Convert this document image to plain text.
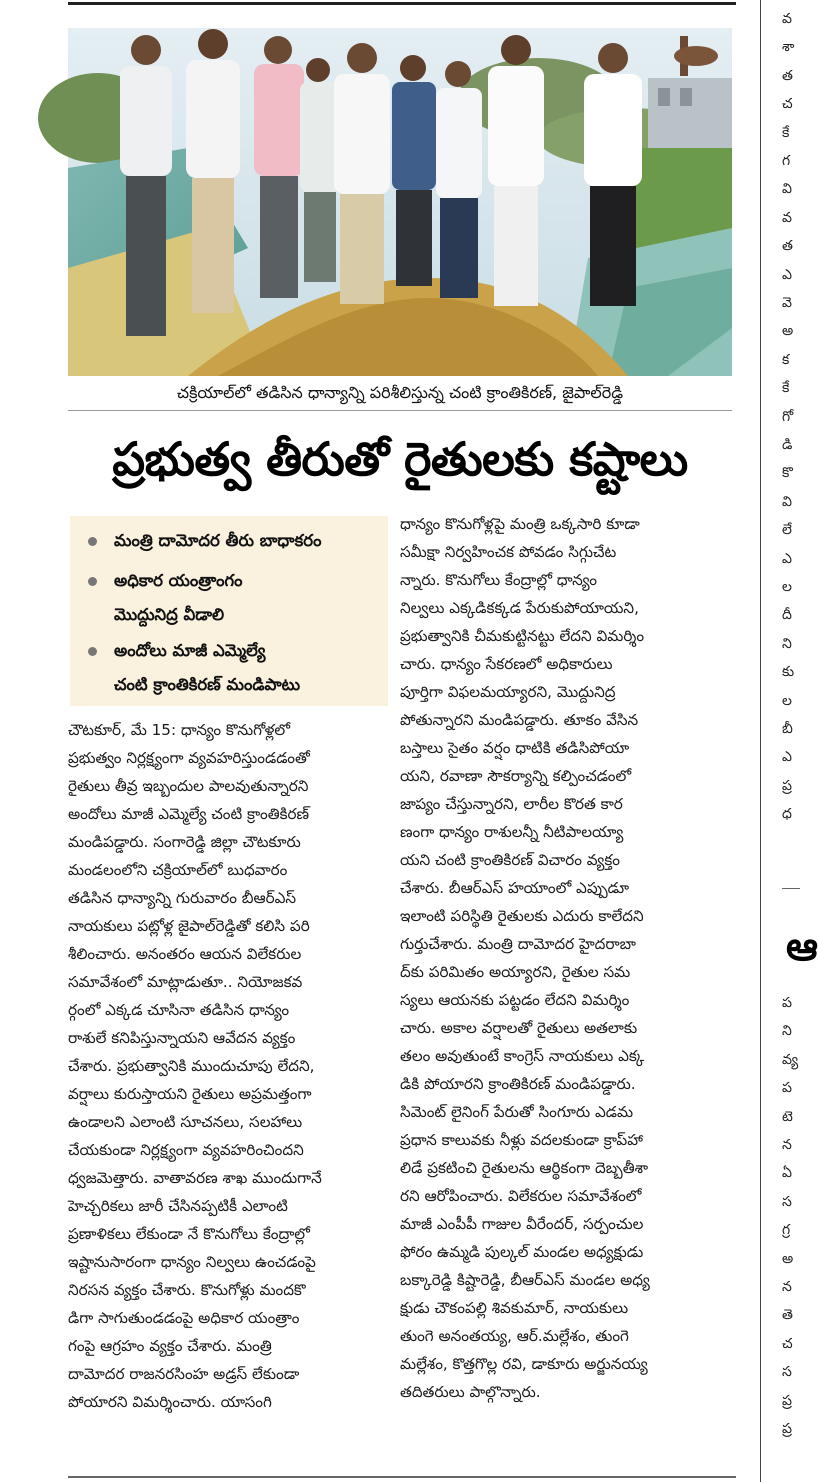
చక్రియాల్‌లో తడిసిన ధాన్యాన్ని పరిశీలిస్తున్న చంటి క్రాంతికిరణ్, జైపాల్‌రెడ్డి
ప్రభుత్వ తీరుతో రైతులకు కష్టాలు
మంత్రి దామోదర తీరు బాధాకరం
అధికార యంత్రాంగం
మొద్దునిద్ర వీడాలి
అందోలు మాజీ ఎమ్మెల్యే
చంటి క్రాంతికిరణ్ మండిపాటు
చౌటకూర్, మే 15: ధాన్యం కొనుగోళ్లలో
ప్రభుత్వం నిర్లక్ష్యంగా వ్యవహరిస్తుండడంతో
రైతులు తీవ్ర ఇబ్బందుల పాలవుతున్నారని
అందోలు మాజీ ఎమ్మెల్యే చంటి క్రాంతికిరణ్
మండిపడ్డారు. సంగారెడ్డి జిల్లా చౌటకూరు
మండలంలోని చక్రియాల్‌లో బుధవారం
తడిసిన ధాన్యాన్ని గురువారం బీఆర్‌ఎస్
నాయకులు పట్లోళ్ల జైపాల్‌రెడ్డితో కలిసి పరి
శీలించారు. అనంతరం ఆయన విలేకరుల
సమావేశంలో మాట్లాడుతూ.. నియోజకవ
ర్గంలో ఎక్కడ చూసినా తడిసిన ధాన్యం
రాశులే కనిపిస్తున్నాయని ఆవేదన వ్యక్తం
చేశారు. ప్రభుత్వానికి ముందుచూపు లేదని,
వర్షాలు కురుస్తాయని రైతులు అప్రమత్తంగా
ఉండాలని ఎలాంటి సూచనలు, సలహాలు
చేయకుండా నిర్లక్ష్యంగా వ్యవహరించిందని
ధ్వజమెత్తారు. వాతావరణ శాఖ ముందుగానే
హెచ్చరికలు జారీ చేసినప్పటికీ ఎలాంటి
ప్రణాళికలు లేకుండా నే కొనుగోలు కేంద్రాల్లో
ఇష్టానుసారంగా ధాన్యం నిల్వలు ఉంచడంపై
నిరసన వ్యక్తం చేశారు. కొనుగోళ్లు మందకొ
డిగా సాగుతుండడంపై అధికార యంత్రాం
గంపై ఆగ్రహం వ్యక్తం చేశారు. మంత్రి
దామోదర రాజనరసింహ అడ్రస్ లేకుండా
పోయారని విమర్శించారు. యాసంగి
ధాన్యం కొనుగోళ్లపై మంత్రి ఒక్కసారి కూడా
సమీక్షా నిర్వహించక పోవడం సిగ్గుచేట
న్నారు. కొనుగోలు కేంద్రాల్లో ధాన్యం
నిల్వలు ఎక్కడికక్కడ పేరుకుపోయాయని,
ప్రభుత్వానికి చీమకుట్టినట్టు లేదని విమర్శిం
చారు. ధాన్యం సేకరణలో అధికారులు
పూర్తిగా విఫలమయ్యారని, మొద్దునిద్ర
పోతున్నారని మండిపడ్డారు. తూకం వేసిన
బస్తాలు సైతం వర్షం ధాటికి తడిసిపోయా
యని, రవాణా సౌకర్యాన్ని కల్పించడంలో
జాప్యం చేస్తున్నారని, లారీల కొరత కార
ణంగా ధాన్యం రాశులన్నీ నీటిపాలయ్యా
యని చంటి క్రాంతికిరణ్ విచారం వ్యక్తం
చేశారు. బీఆర్‌ఎస్ హయాంలో ఎప్పుడూ
ఇలాంటి పరిస్థితి రైతులకు ఎదురు కాలేదని
గుర్తుచేశారు. మంత్రి దామోదర హైదరాబా
ద్‌కు పరిమితం అయ్యారని, రైతుల సమ
స్యలు ఆయనకు పట్టడం లేదని విమర్శిం
చారు. అకాల వర్షాలతో రైతులు అతలాకు
తలం అవుతుంటే కాంగ్రెస్ నాయకులు ఎక్క
డికి పోయారని క్రాంతికిరణ్ మండిపడ్డారు.
సిమెంట్ లైనింగ్ పేరుతో సింగూరు ఎడమ
ప్రధాన కాలువకు నీళ్లు వదలకుండా క్రాప్‌హా
లిడే ప్రకటించి రైతులను ఆర్థికంగా దెబ్బతీశా
రని ఆరోపించారు. విలేకరుల సమావేశంలో
మాజీ ఎంపీపీ గాజుల వీరేందర్, సర్పంచుల
ఫోరం ఉమ్మడి పుల్కల్ మండల అధ్యక్షుడు
బక్కారెడ్డి కిష్టారెడ్డి, బీఆర్‌ఎస్ మండల అధ్య
క్షుడు చౌకంపల్లి శివకుమార్, నాయకులు
తుంగె అనంతయ్య, ఆర్.మల్లేశం, తుంగె
మల్లేశం, కొత్తగొల్ల రవి, డాకూరు అర్జునయ్య
తదితరులు పాల్గొన్నారు.
ఆ
వ
శా
త
చ
కే
గ
వి
వ
త
ఎ
వె
అ
క
కే
గో
డి
కొ
వి
లే
ఎ
ల
దీ
ని
కు
ల
బీ
ఎ
ప్ర
ధ
ప
ని
వ్య
ప
టె
న
ఏ
స
గ్ర
అ
న
తె
చ
స
ప్ర
ప్ర
